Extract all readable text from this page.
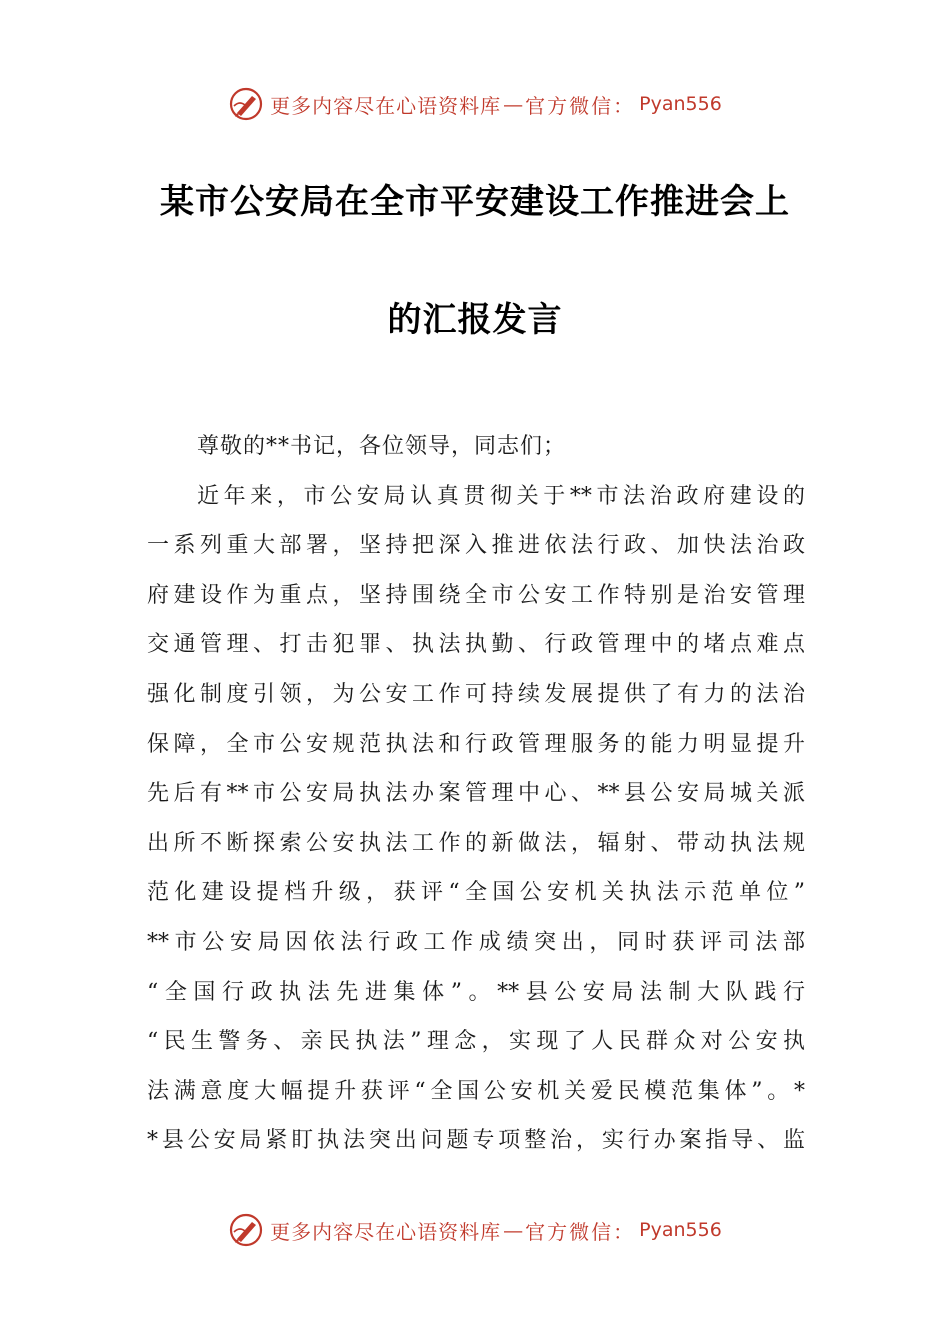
更多内容尽在心语资料库 — 官方微信： Pyan556
某市公安局在全市平安建设工作推进会上
的汇报发言
尊敬的**书记，各位领导，同志们；
近年来，市公安局认真贯彻关于**市法治政府建设的
一系列重大部署，坚持把深入推进依法行政、加快法治政
府建设作为重点，坚持围绕全市公安工作特别是治安管理
交通管理、打击犯罪、执法执勤、行政管理中的堵点难点
强化制度引领，为公安工作可持续发展提供了有力的法治
保障，全市公安规范执法和行政管理服务的能力明显提升
先后有**市公安局执法办案管理中心、**县公安局城关派
出所不断探索公安执法工作的新做法，辐射、带动执法规
范化建设提档升级，获评“全国公安机关执法示范单位”
**市公安局因依法行政工作成绩突出，同时获评司法部
“全国行政执法先进集体”。**县公安局法制大队践行
“民生警务、亲民执法”理念，实现了人民群众对公安执
法满意度大幅提升获评“全国公安机关爱民模范集体”。*
*县公安局紧盯执法突出问题专项整治，实行办案指导、监
更多内容尽在心语资料库 — 官方微信： Pyan556
